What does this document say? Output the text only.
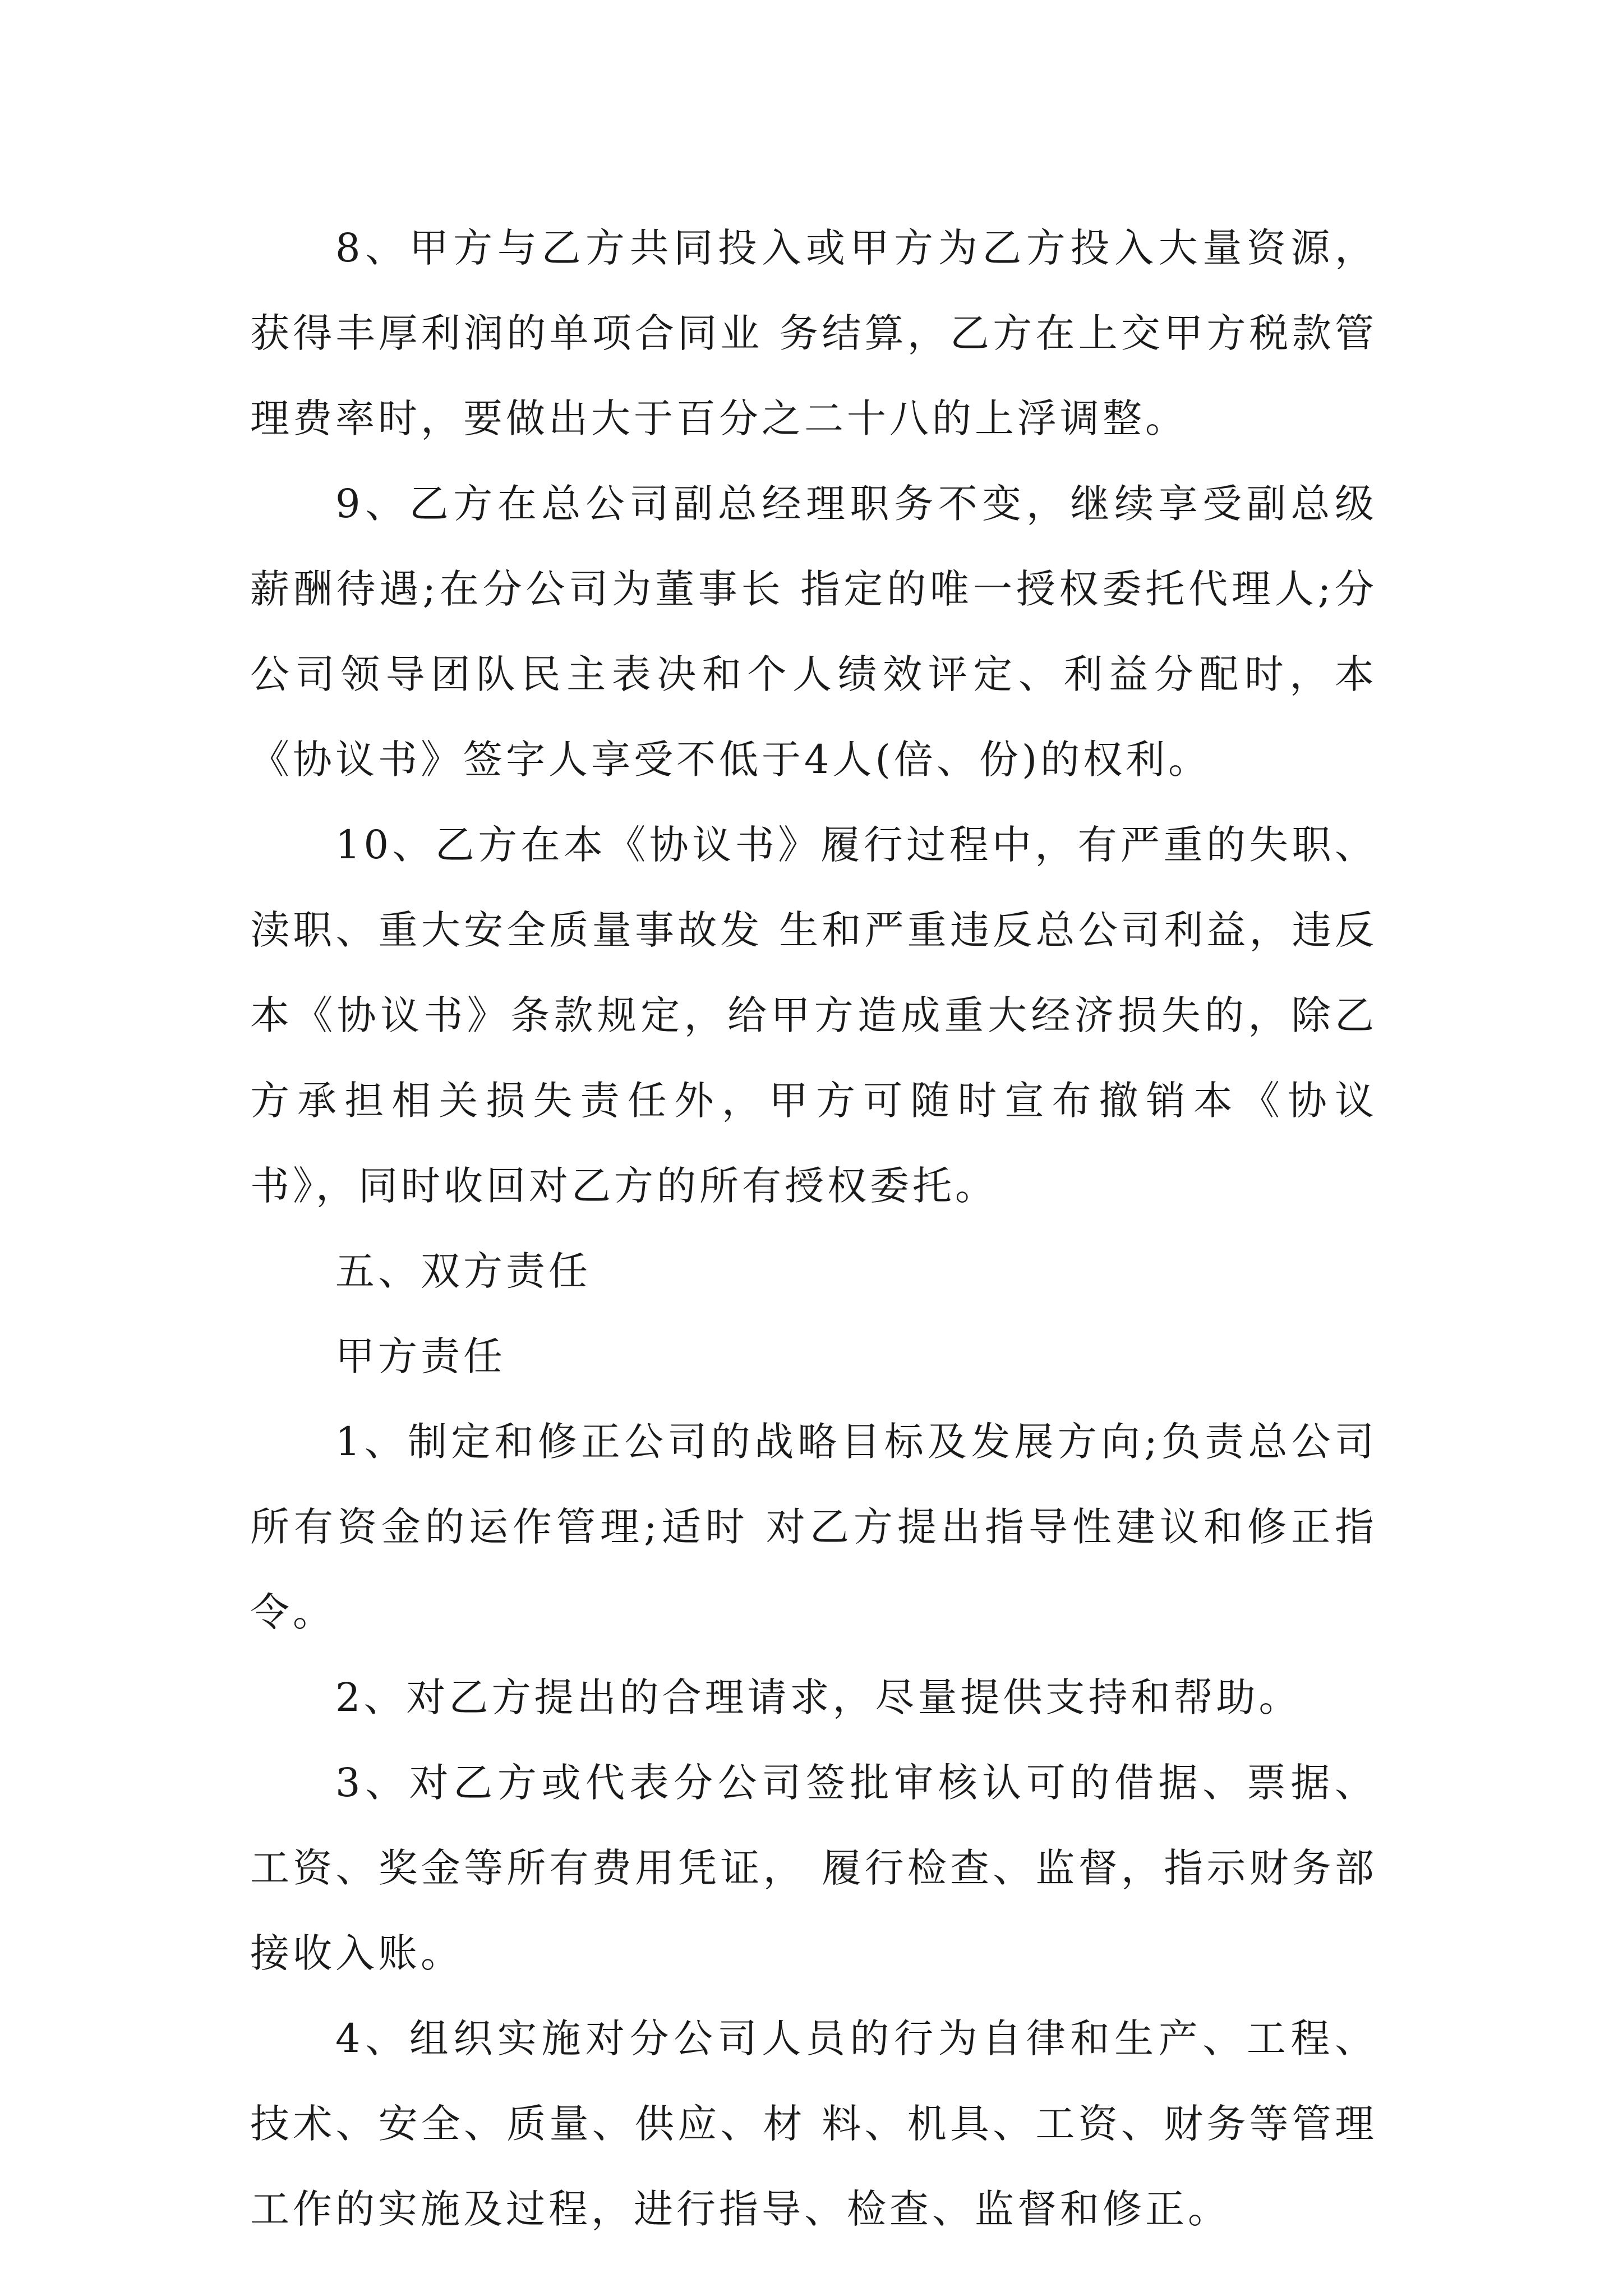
8、甲方与乙方共同投入或甲方为乙方投入大量资源，获得丰厚利润的单项合同业 务结算，乙方在上交甲方税款管理费率时，要做出大于百分之二十八的上浮调整。

9、乙方在总公司副总经理职务不变，继续享受副总级薪酬待遇;在分公司为董事长 指定的唯一授权委托代理人;分公司领导团队民主表决和个人绩效评定、利益分配时，本《协议书》签字人享受不低于4人(倍、份)的权利。

10、乙方在本《协议书》履行过程中，有严重的失职、渎职、重大安全质量事故发 生和严重违反总公司利益，违反本《协议书》条款规定，给甲方造成重大经济损失的，除乙方承担相关损失责任外，甲方可随时宣布撤销本《协议书》，同时收回对乙方的所有授权委托。

五、双方责任

甲方责任

1、制定和修正公司的战略目标及发展方向;负责总公司所有资金的运作管理;适时 对乙方提出指导性建议和修正指令。

2、对乙方提出的合理请求，尽量提供支持和帮助。

3、对乙方或代表分公司签批审核认可的借据、票据、工资、奖金等所有费用凭证， 履行检查、监督，指示财务部接收入账。

4、组织实施对分公司人员的行为自律和生产、工程、技术、安全、质量、供应、材 料、机具、工资、财务等管理工作的实施及过程，进行指导、检查、监督和修正。
